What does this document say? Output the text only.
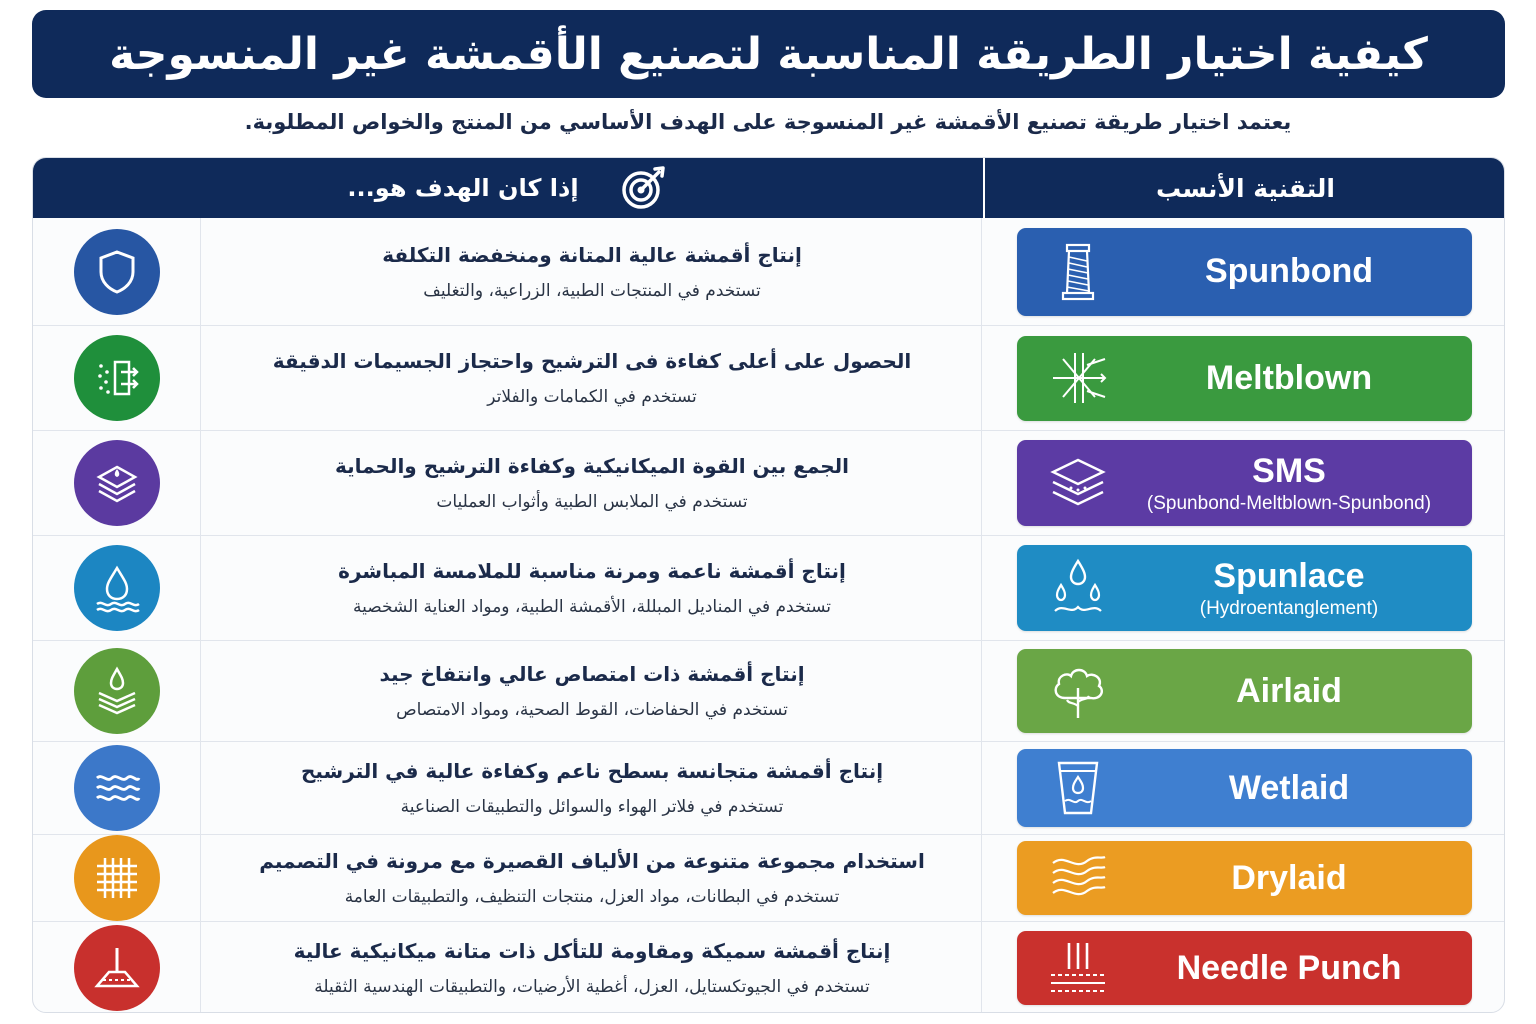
كيفية اختيار الطريقة المناسبة لتصنيع الأقمشة غير المنسوجة
يعتمد اختيار طريقة تصنيع الأقمشة غير المنسوجة على الهدف الأساسي من المنتج والخواص المطلوبة.
إذا كان الهدف هو...	التقنية الأنسب
إنتاج أقمشة عالية المتانة ومنخفضة التكلفة
تستخدم في المنتجات الطبية، الزراعية، والتغليف
Spunbond
الحصول على أعلى كفاءة فى الترشيح واحتجاز الجسيمات الدقيقة
تستخدم في الكمامات والفلاتر
Meltblown
الجمع بين القوة الميكانيكية وكفاءة الترشيح والحماية
تستخدم في الملابس الطبية وأثواب العمليات
SMS
(Spunbond-Meltblown-Spunbond)
إنتاج أقمشة ناعمة ومرنة مناسبة للملامسة المباشرة
تستخدم في المناديل المبللة، الأقمشة الطبية، ومواد العناية الشخصية
Spunlace
(Hydroentanglement)
إنتاج أقمشة ذات امتصاص عالي وانتفاخ جيد
تستخدم في الحفاضات، القوط الصحية، ومواد الامتصاص
Airlaid
إنتاج أقمشة متجانسة بسطح ناعم وكفاءة عالية في الترشيح
تستخدم في فلاتر الهواء والسوائل والتطبيقات الصناعية
Wetlaid
استخدام مجموعة متنوعة من الألياف القصيرة مع مرونة في التصميم
تستخدم في البطانات، مواد العزل، منتجات التنظيف، والتطبيقات العامة
Drylaid
إنتاج أقمشة سميكة ومقاومة للتأكل ذات متانة ميكانيكية عالية
تستخدم في الجيوتكستايل، العزل، أغطية الأرضيات، والتطبيقات الهندسية الثقيلة
Needle Punch
